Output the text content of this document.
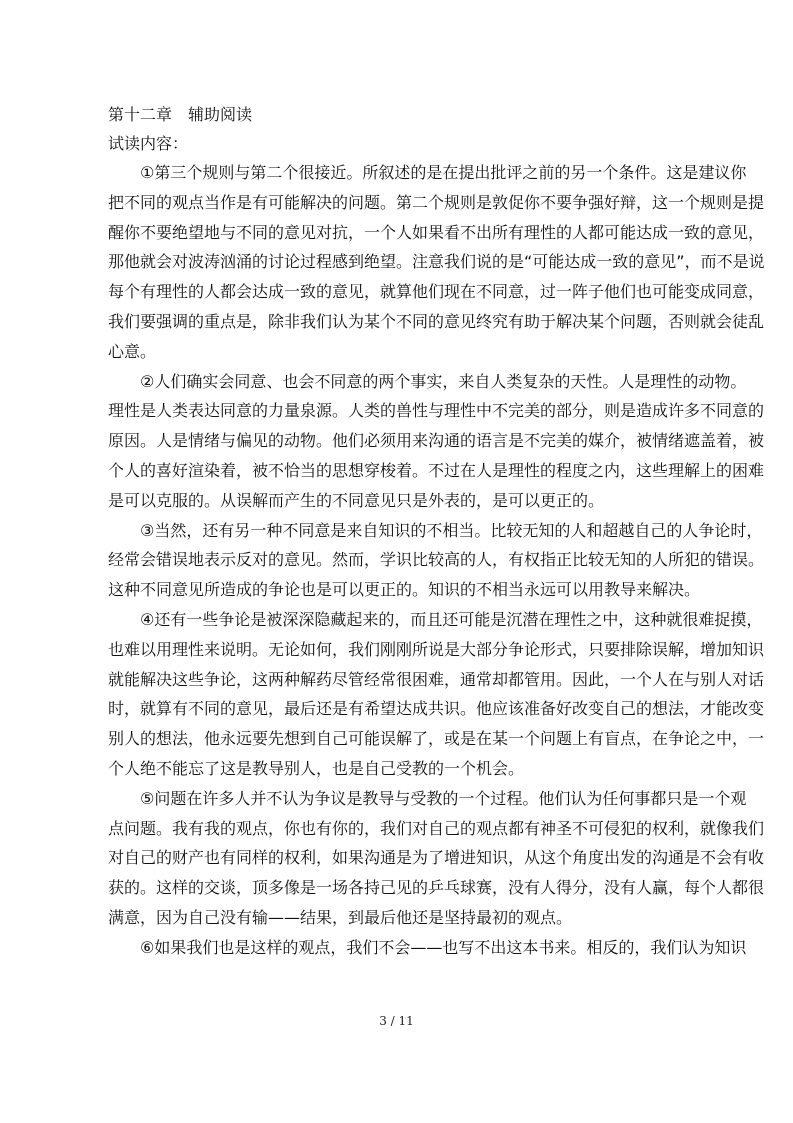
第十二章　辅助阅读

试读内容：

①第三个规则与第二个很接近。所叙述的是在提出批评之前的另一个条件。这是建议你
把不同的观点当作是有可能解决的问题。第二个规则是敦促你不要争强好辩，这一个规则是提
醒你不要绝望地与不同的意见对抗，一个人如果看不出所有理性的人都可能达成一致的意见，
那他就会对波涛汹涌的讨论过程感到绝望。注意我们说的是“可能达成一致的意见”，而不是说
每个有理性的人都会达成一致的意见，就算他们现在不同意，过一阵子他们也可能变成同意，
我们要强调的重点是，除非我们认为某个不同的意见终究有助于解决某个问题，否则就会徒乱
心意。

②人们确实会同意、也会不同意的两个事实，来自人类复杂的天性。人是理性的动物。
理性是人类表达同意的力量泉源。人类的兽性与理性中不完美的部分，则是造成许多不同意的
原因。人是情绪与偏见的动物。他们必须用来沟通的语言是不完美的媒介，被情绪遮盖着，被
个人的喜好渲染着，被不恰当的思想穿梭着。不过在人是理性的程度之内，这些理解上的困难
是可以克服的。从误解而产生的不同意见只是外表的，是可以更正的。

③当然，还有另一种不同意是来自知识的不相当。比较无知的人和超越自己的人争论时，
经常会错误地表示反对的意见。然而，学识比较高的人，有权指正比较无知的人所犯的错误。
这种不同意见所造成的争论也是可以更正的。知识的不相当永远可以用教导来解决。

④还有一些争论是被深深隐藏起来的，而且还可能是沉潜在理性之中，这种就很难捉摸，
也难以用理性来说明。无论如何，我们刚刚所说是大部分争论形式，只要排除误解，增加知识
就能解决这些争论，这两种解药尽管经常很困难，通常却都管用。因此，一个人在与别人对话
时，就算有不同的意见，最后还是有希望达成共识。他应该准备好改变自己的想法，才能改变
别人的想法，他永远要先想到自己可能误解了，或是在某一个问题上有盲点，在争论之中，一
个人绝不能忘了这是教导别人，也是自己受教的一个机会。

⑤问题在许多人并不认为争议是教导与受教的一个过程。他们认为任何事都只是一个观
点问题。我有我的观点，你也有你的，我们对自己的观点都有神圣不可侵犯的权利，就像我们
对自己的财产也有同样的权利，如果沟通是为了增进知识，从这个角度出发的沟通是不会有收
获的。这样的交谈，顶多像是一场各持己见的乒乓球赛，没有人得分，没有人赢，每个人都很
满意，因为自己没有输——结果，到最后他还是坚持最初的观点。

⑥如果我们也是这样的观点，我们不会——也写不出这本书来。相反的，我们认为知识

3 / 11
